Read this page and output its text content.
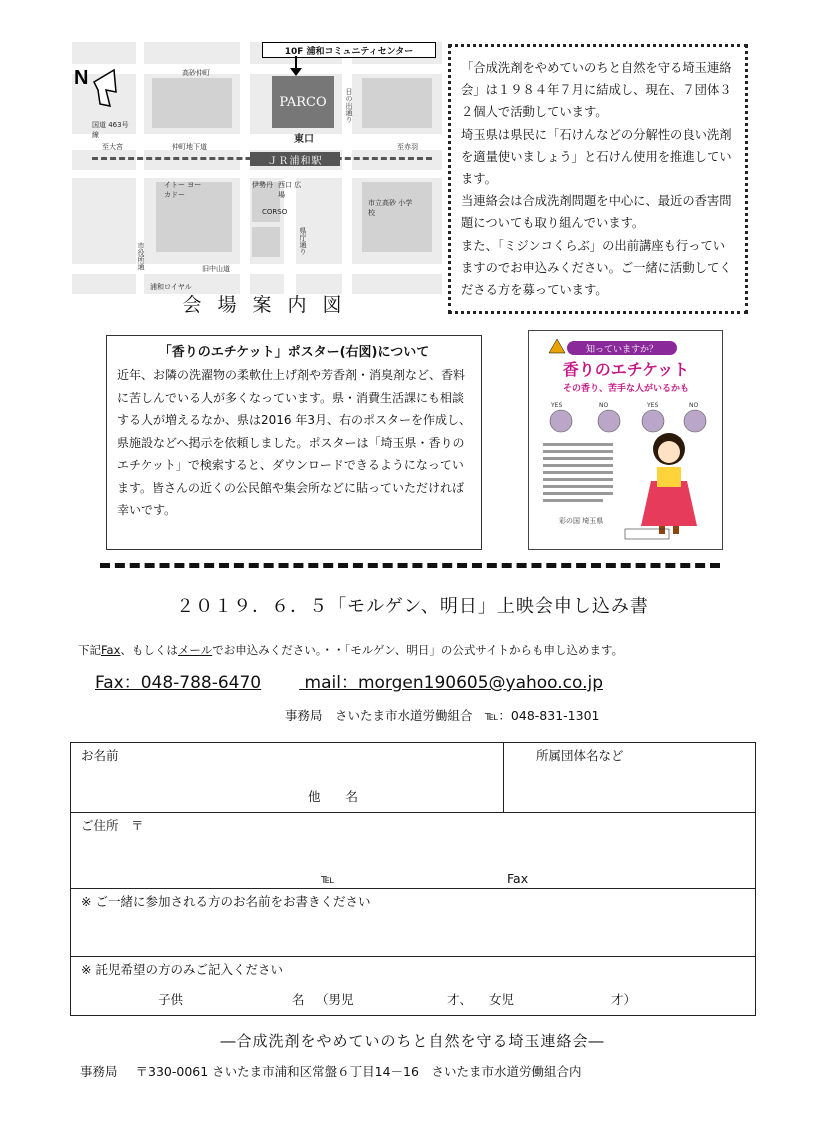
PARCO
10F 浦和コミュニティセンター
東口
ＪＲ浦和駅
高砂仲町
日の出通り
国道 463号線
仲町地下道
至大宮	至赤羽
県庁通り
旧中山道
市役所通
イトー ヨーカドー
伊勢丹 西口 広場
CORSO
市立高砂 小学校
浦和ロイヤル
N
会場案内図

「合成洗剤をやめていのちと自然を守る埼玉連絡会」は１９８４年７月に結成し、現在、７団体３２個人で活動しています。

埼玉県は県民に「石けんなどの分解性の良い洗剤を適量使いましょう」と石けん使用を推進しています。

当連絡会は合成洗剤問題を中心に、最近の香害問題についても取り組んでいます。

また、「ミジンコくらぶ」の出前講座も行っていますのでお申込みください。ご一緒に活動してくださる方を募っています。

「香りのエチケット」ポスター(右図)について

近年、お隣の洗濯物の柔軟仕上げ剤や芳香剤・消臭剤など、香料に苦しんでいる人が多くなっています。県・消費生活課にも相談する人が増えるなか、県は2016 年3月、右のポスターを作成し、県施設などへ掲示を依頼しました。ポスターは「埼玉県・香りのエチケット」で検索すると、ダウンロードできるようになっています。皆さんの近くの公民館や集会所などに貼っていただければ幸いです。

知っていますか？
香りのエチケット
その香り、苦手な人がいるかも
YES	NO	YES	NO
彩の国 埼玉県
２０１９．６．５「モルゲン、明日」上映会申し込み書
下記Fax、もしくはメールでお申込みください。・・「モルゲン、明日」の公式サイトからも申し込めます。
Fax：048-788-6470	mail：morgen190605@yahoo.co.jp
事務局　さいたま市水道労働組合　℡：048-831-1301
お名前
他　　名
所属団体名など
ご住所　〒
℡	Fax
※ ご一緒に参加される方のお名前をお書きください
※ 託児希望の方のみご記入ください
子供	名 （男児	才、 女児	才）
―合成洗剤をやめていのちと自然を守る埼玉連絡会―
事務局 〒330-0061 さいたま市浦和区常盤６丁目14－16　さいたま市水道労働組合内
